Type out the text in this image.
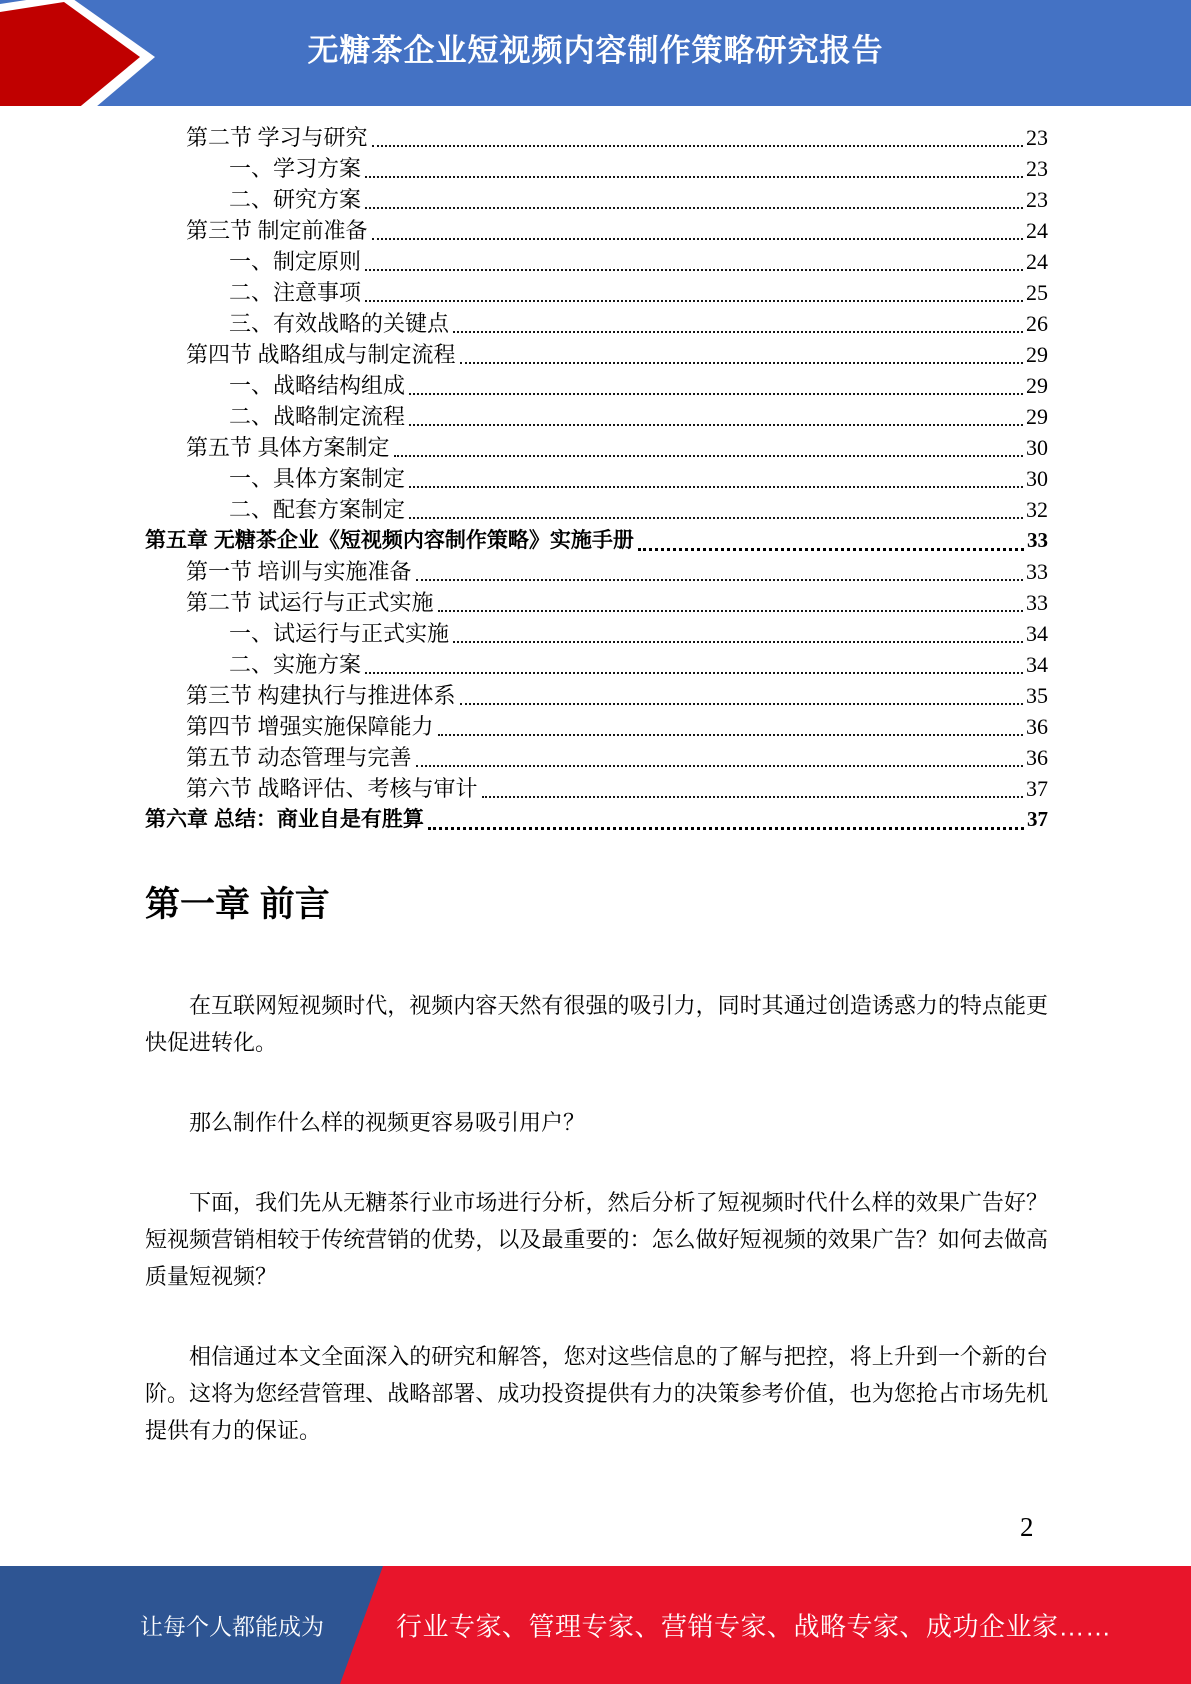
无糖茶企业短视频内容制作策略研究报告
第二节 学习与研究	23
一、学习方案	23
二、研究方案	23
第三节 制定前准备	24
一、制定原则	24
二、注意事项	25
三、有效战略的关键点	26
第四节 战略组成与制定流程	29
一、战略结构组成	29
二、战略制定流程	29
第五节 具体方案制定	30
一、具体方案制定	30
二、配套方案制定	32
第五章 无糖茶企业《短视频内容制作策略》实施手册	33
第一节 培训与实施准备	33
第二节 试运行与正式实施	33
一、试运行与正式实施	34
二、实施方案	34
第三节 构建执行与推进体系	35
第四节 增强实施保障能力	36
第五节 动态管理与完善	36
第六节 战略评估、考核与审计	37
第六章 总结：商业自是有胜算	37
第一章 前言

在互联网短视频时代，视频内容天然有很强的吸引力，同时其通过创造诱惑力的特点能更快促进转化。

那么制作什么样的视频更容易吸引用户？

下面，我们先从无糖茶行业市场进行分析，然后分析了短视频时代什么样的效果广告好？短视频营销相较于传统营销的优势，以及最重要的：怎么做好短视频的效果广告？如何去做高质量短视频？

相信通过本文全面深入的研究和解答，您对这些信息的了解与把控，将上升到一个新的台阶。这将为您经营管理、战略部署、成功投资提供有力的决策参考价值，也为您抢占市场先机提供有力的保证。

2
让每个人都能成为	行业专家、管理专家、营销专家、战略专家、成功企业家……
